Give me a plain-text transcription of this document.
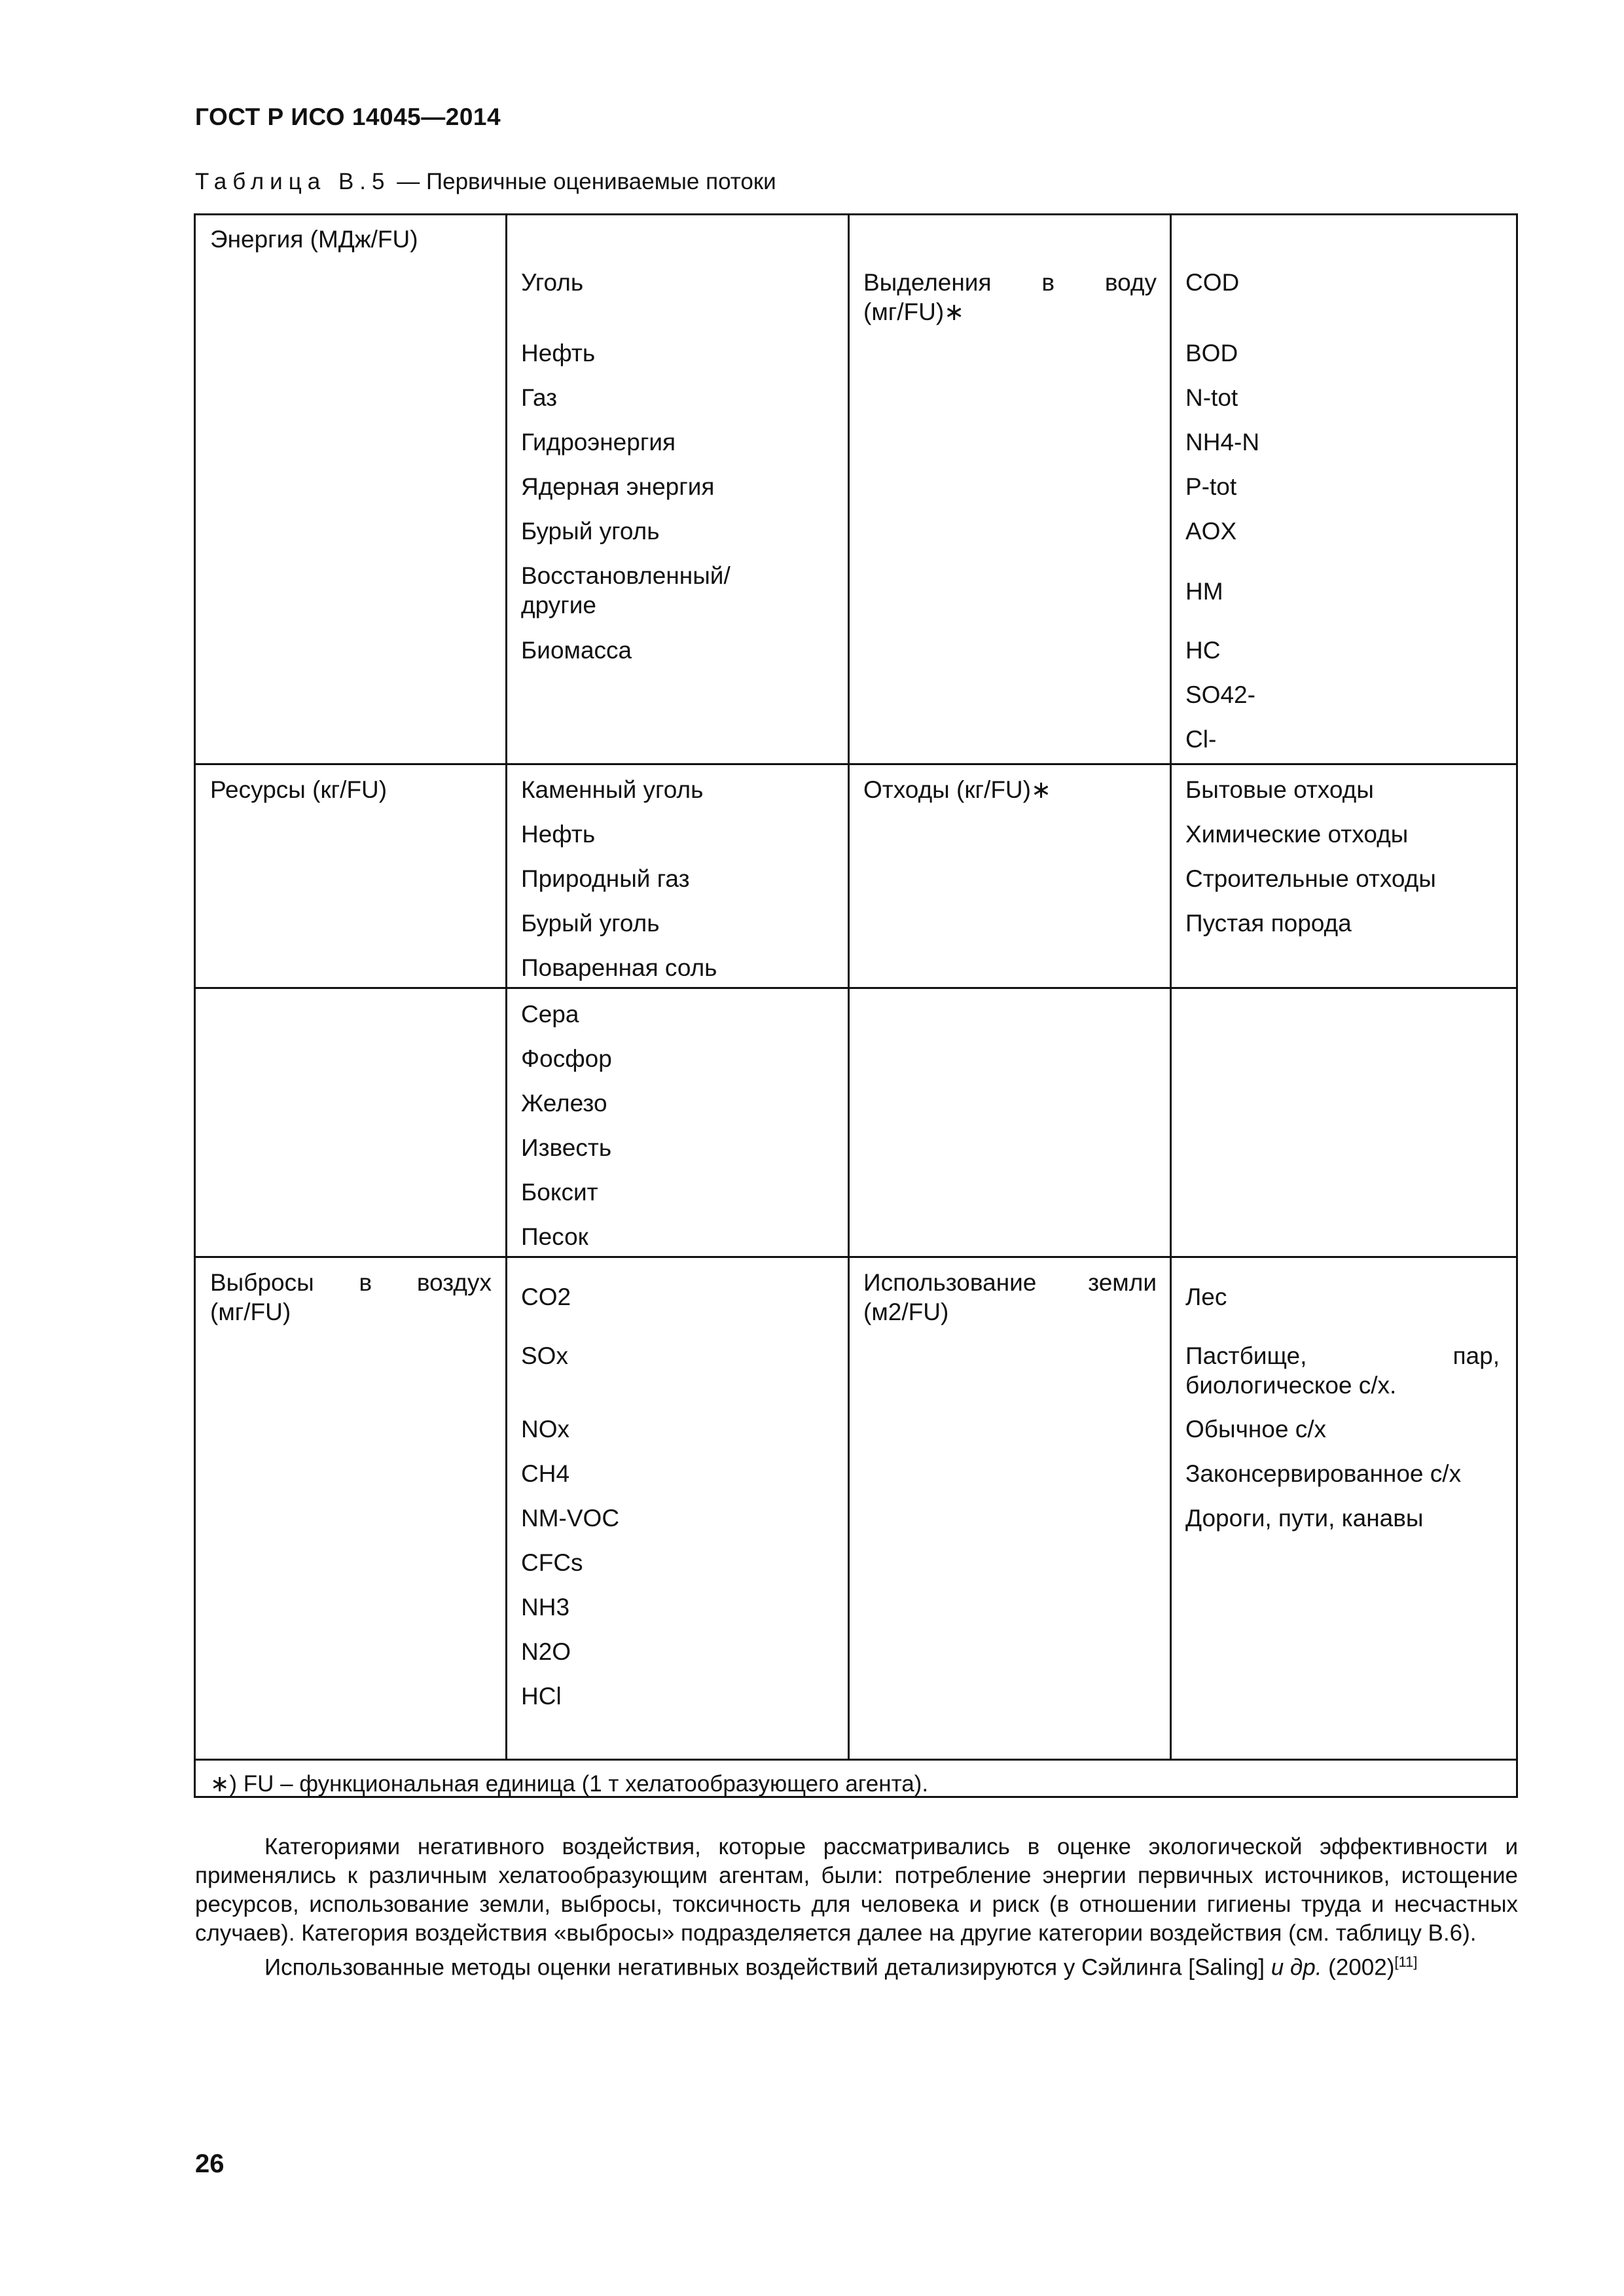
ГОСТ Р ИСО 14045—2014
Таблица В.5 — Первичные оцениваемые потоки
Энергия (МДж/FU)
Уголь
Нефть
Газ
Гидроэнергия
Ядерная энергия
Бурый уголь
Восстановленный/ другие
Биомасса
Выделения в воду (мг/FU)∗
COD
BOD
N-tot
NH4-N
P-tot
AOX
HM
HC
SO42-
Cl-
Ресурсы (кг/FU)	Каменный уголь
Нефть
Природный газ
Бурый уголь
Поваренная соль
Отходы (кг/FU)∗	Бытовые отходы
Химические отходы
Строительные отходы
Пустая порода
Сера
Фосфор
Железо
Известь
Боксит
Песок
Выбросы в воздух (мг/FU)
CO2
SOx
NOx
CH4
NM-VOC
CFCs
NH3
N2O
HCl
Использование земли (м2/FU)
Лес
Пастбище, пар, биологическое с/х.
Обычное с/х
Законсервированное с/х
Дороги, пути, канавы
∗) FU – функциональная единица (1 т хелатообразующего агента).

Категориями негативного воздействия, которые рассматривались в оценке экологической эффективности и применялись к различным хелатообразующим агентам, были: потребление энергии первичных источников, истощение ресурсов, использование земли, выбросы, токсичность для человека и риск (в отношении гигиены труда и несчастных случаев). Категория воздействия «выбросы» подразделяется далее на другие категории воздействия (см. таблицу В.6).

Использованные методы оценки негативных воздействий детализируются у Сэйлинга [Saling] и др. (2002)[11]

26
